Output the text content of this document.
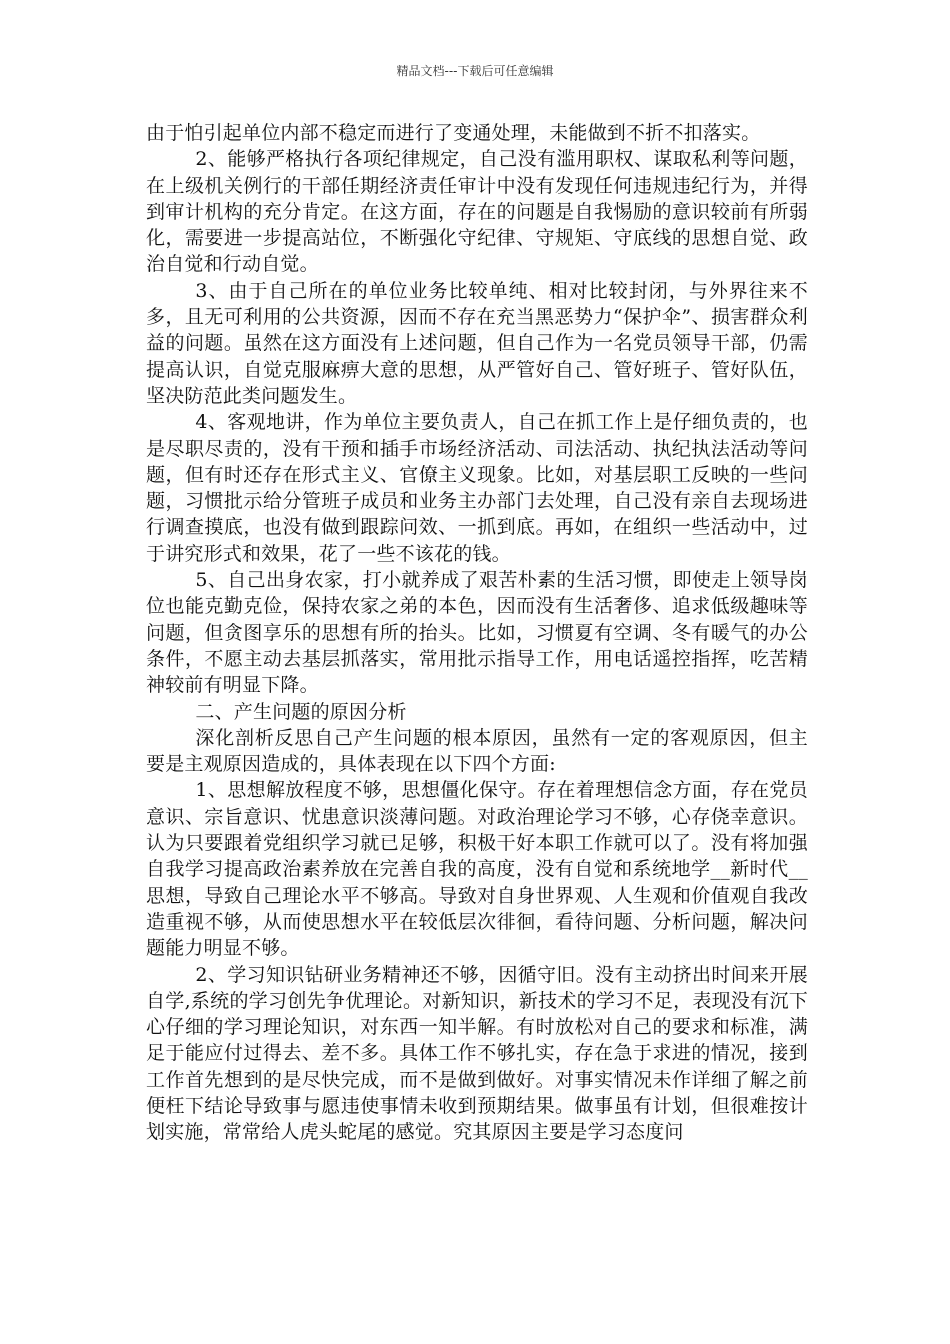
精品文档---下载后可任意编辑

由于怕引起单位内部不稳定而进行了变通处理，未能做到不折不扣落实。

2、能够严格执行各项纪律规定，自己没有滥用职权、谋取私利等问题，在上级机关例行的干部任期经济责任审计中没有发现任何违规违纪行为，并得到审计机构的充分肯定。在这方面，存在的问题是自我惕励的意识较前有所弱化，需要进一步提高站位，不断强化守纪律、守规矩、守底线的思想自觉、政治自觉和行动自觉。

3、由于自己所在的单位业务比较单纯、相对比较封闭，与外界往来不多，且无可利用的公共资源，因而不存在充当黑恶势力“保护伞”、损害群众利益的问题。虽然在这方面没有上述问题，但自己作为一名党员领导干部，仍需提高认识，自觉克服麻痹大意的思想，从严管好自己、管好班子、管好队伍，坚决防范此类问题发生。

4、客观地讲，作为单位主要负责人，自己在抓工作上是仔细负责的，也是尽职尽责的，没有干预和插手市场经济活动、司法活动、执纪执法活动等问题，但有时还存在形式主义、官僚主义现象。比如，对基层职工反映的一些问题，习惯批示给分管班子成员和业务主办部门去处理，自己没有亲自去现场进行调查摸底，也没有做到跟踪问效、一抓到底。再如，在组织一些活动中，过于讲究形式和效果，花了一些不该花的钱。

5、自己出身农家，打小就养成了艰苦朴素的生活习惯，即使走上领导岗位也能克勤克俭，保持农家之弟的本色，因而没有生活奢侈、追求低级趣味等问题，但贪图享乐的思想有所的抬头。比如，习惯夏有空调、冬有暖气的办公条件，不愿主动去基层抓落实，常用批示指导工作，用电话遥控指挥，吃苦精神较前有明显下降。

二、产生问题的原因分析

深化剖析反思自己产生问题的根本原因，虽然有一定的客观原因，但主要是主观原因造成的，具体表现在以下四个方面:

1、思想解放程度不够，思想僵化保守。存在着理想信念方面，存在党员意识、宗旨意识、忧患意识淡薄问题。对政治理论学习不够，心存侥幸意识。认为只要跟着党组织学习就已足够，积极干好本职工作就可以了。没有将加强自我学习提高政治素养放在完善自我的高度，没有自觉和系统地学__新时代__思想，导致自己理论水平不够高。导致对自身世界观、人生观和价值观自我改造重视不够，从而使思想水平在较低层次徘徊，看待问题、分析问题，解决问题能力明显不够。

2、学习知识钻研业务精神还不够，因循守旧。没有主动挤出时间来开展自学,系统的学习创先争优理论。对新知识，新技术的学习不足，表现没有沉下心仔细的学习理论知识，对东西一知半解。有时放松对自己的要求和标准，满足于能应付过得去、差不多。具体工作不够扎实，存在急于求进的情况，接到工作首先想到的是尽快完成，而不是做到做好。对事实情况未作详细了解之前便枉下结论导致事与愿违使事情未收到预期结果。做事虽有计划，但很难按计划实施，常常给人虎头蛇尾的感觉。究其原因主要是学习态度问
